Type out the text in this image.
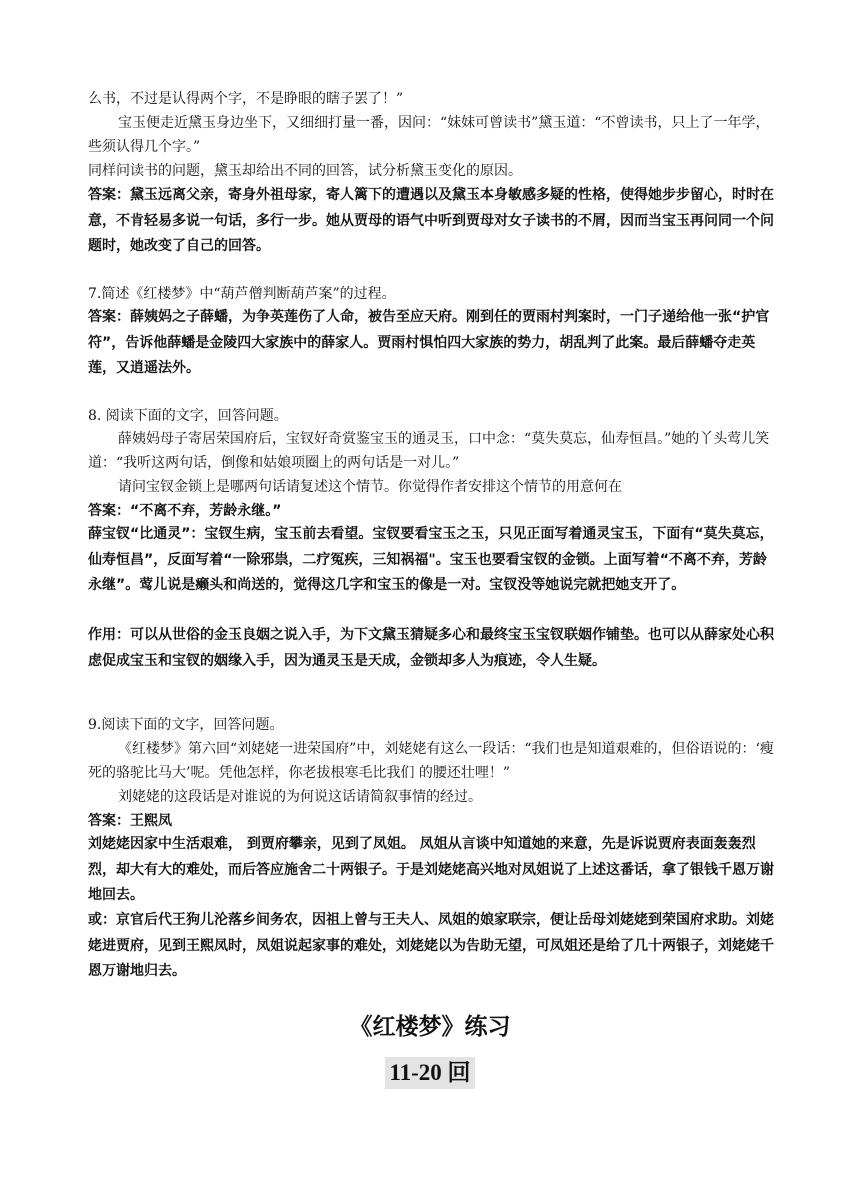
么书，不过是认得两个字，不是睁眼的瞎子罢了！”

宝玉便走近黛玉身边坐下，又细细打量一番，因问：“妹妹可曾读书”黛玉道：“不曾读书，只上了一年学，些须认得几个字。”

同样问读书的问题，黛玉却给出不同的回答，试分析黛玉变化的原因。

答案：黛玉远离父亲，寄身外祖母家，寄人篱下的遭遇以及黛玉本身敏感多疑的性格，使得她步步留心，时时在意，不肯轻易多说一句话，多行一步。她从贾母的语气中听到贾母对女子读书的不屑，因而当宝玉再问同一个问题时，她改变了自己的回答。

7.简述《红楼梦》中“葫芦僧判断葫芦案”的过程。

答案：薛姨妈之子薛蟠，为争英莲伤了人命，被告至应天府。刚到任的贾雨村判案时，一门子递给他一张“护官符”，告诉他薛蟠是金陵四大家族中的薛家人。贾雨村惧怕四大家族的势力，胡乱判了此案。最后薛蟠夺走英莲，又逍遥法外。

8. 阅读下面的文字，回答问题。

薛姨妈母子寄居荣国府后，宝钗好奇赏鉴宝玉的通灵玉，口中念：“莫失莫忘，仙寿恒昌。”她的丫头莺儿笑道：“我听这两句话，倒像和姑娘项圈上的两句话是一对儿。”

请问宝钗金锁上是哪两句话请复述这个情节。你觉得作者安排这个情节的用意何在

答案：“不离不弃，芳龄永继。”

薛宝钗“比通灵”：宝钗生病，宝玉前去看望。宝钗要看宝玉之玉，只见正面写着通灵宝玉，下面有“莫失莫忘，仙寿恒昌”，反面写着“一除邪祟，二疗冤疾，三知祸福"。宝玉也要看宝钗的金锁。上面写着“不离不弃，芳龄永继”。莺儿说是癞头和尚送的，觉得这几字和宝玉的像是一对。宝钗没等她说完就把她支开了。

作用：可以从世俗的金玉良姻之说入手，为下文黛玉猜疑多心和最终宝玉宝钗联姻作铺垫。也可以从薛家处心积虑促成宝玉和宝钗的姻缘入手，因为通灵玉是天成，金锁却多人为痕迹，令人生疑。

9.阅读下面的文字，回答问题。

《红楼梦》第六回“刘姥姥一进荣国府”中，刘姥姥有这么一段话：“我们也是知道艰难的，但俗语说的：‘瘦死的骆驼比马大’呢。凭他怎样，你老拔根寒毛比我们 的腰还壮哩！”

刘姥姥的这段话是对谁说的为何说这话请简叙事情的经过。

答案：王熙凤

刘姥姥因家中生活艰难， 到贾府攀亲，见到了凤姐。 凤姐从言谈中知道她的来意，先是诉说贾府表面轰轰烈烈，却大有大的难处，而后答应施舍二十两银子。于是刘姥姥高兴地对凤姐说了上述这番话，拿了银钱千恩万谢地回去。

或：京官后代王狗儿沦落乡间务农，因祖上曾与王夫人、凤姐的娘家联宗，便让岳母刘姥姥到荣国府求助。刘姥姥进贾府，见到王熙凤时，凤姐说起家事的难处，刘姥姥以为告助无望，可凤姐还是给了几十两银子，刘姥姥千恩万谢地归去。

《红楼梦》练习
11-20 回
